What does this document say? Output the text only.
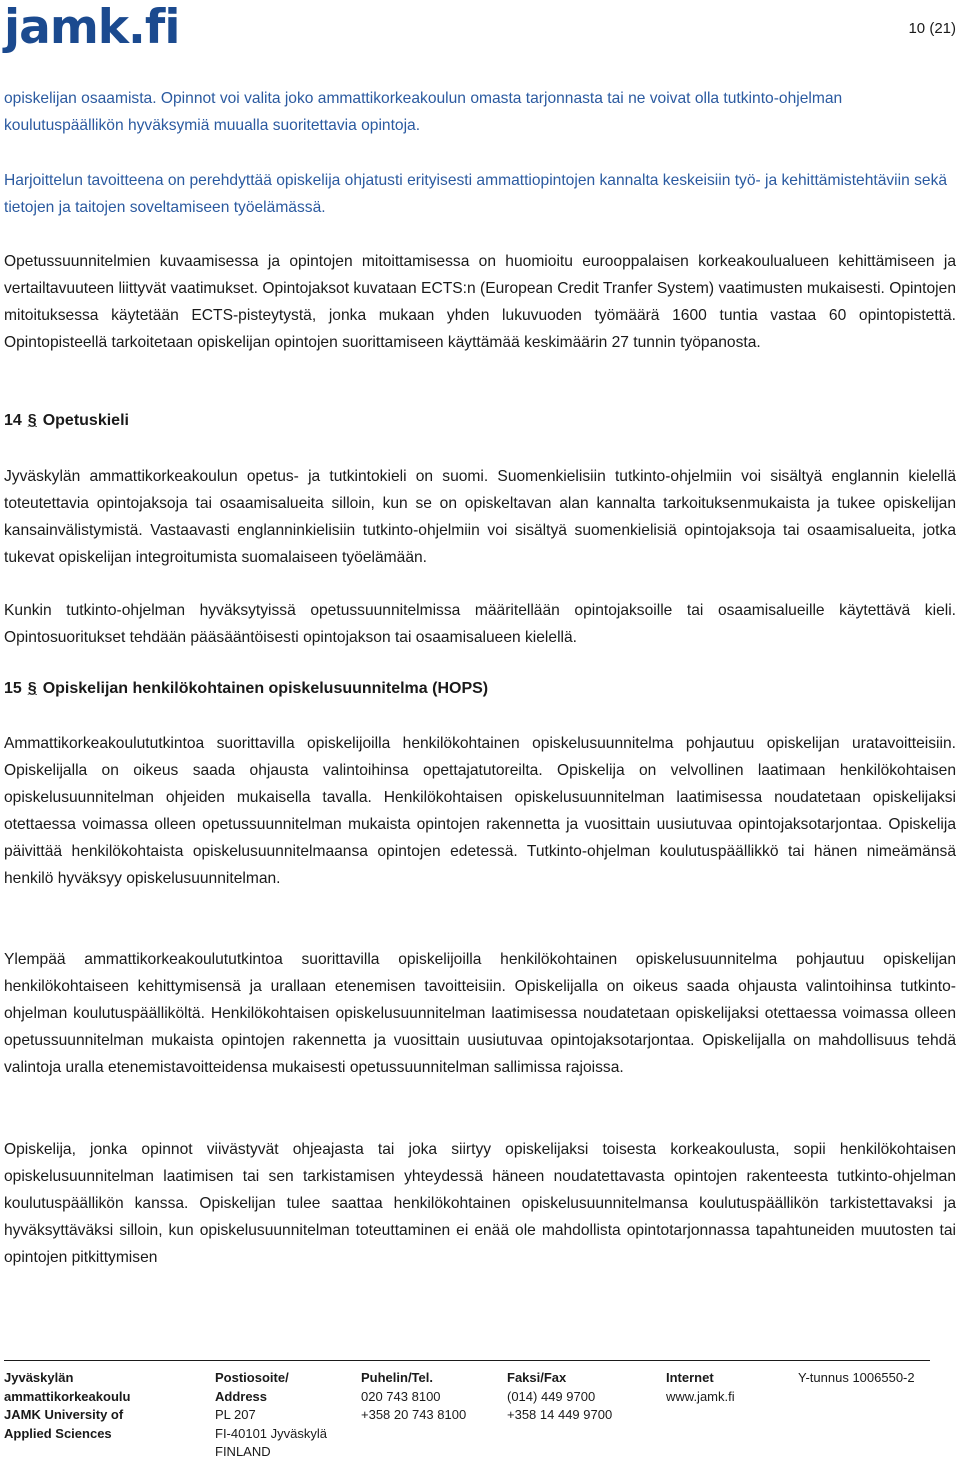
jamk.fi	10 (21)

opiskelijan osaamista. Opinnot voi valita joko ammattikorkeakoulun omasta tarjonnasta tai ne voivat olla tutkinto-ohjelman koulutuspäällikön hyväksymiä muualla suoritettavia opintoja.

Harjoittelun tavoitteena on perehdyttää opiskelija ohjatusti erityisesti ammattiopintojen kannalta keskeisiin työ- ja kehittämistehtäviin sekä tietojen ja taitojen soveltamiseen työelämässä.

Opetussuunnitelmien kuvaamisessa ja opintojen mitoittamisessa on huomioitu eurooppalaisen korkeakoulualueen kehittämiseen ja vertailtavuuteen liittyvät vaatimukset. Opintojaksot kuvataan ECTS:n (European Credit Tranfer System) vaatimusten mukaisesti. Opintojen mitoituksessa käytetään ECTS-pisteytystä, jonka mukaan yhden lukuvuoden työmäärä 1600 tuntia vastaa 60 opintopistettä. Opintopisteellä tarkoitetaan opiskelijan opintojen suorittamiseen käyttämää keskimäärin 27 tunnin työpanosta.

14 § Opetuskieli

Jyväskylän ammattikorkeakoulun opetus- ja tutkintokieli on suomi. Suomenkielisiin tutkinto-ohjelmiin voi sisältyä englannin kielellä toteutettavia opintojaksoja tai osaamisalueita silloin, kun se on opiskeltavan alan kannalta tarkoituksenmukaista ja tukee opiskelijan kansainvälistymistä. Vastaavasti englanninkielisiin tutkinto-ohjelmiin voi sisältyä suomenkielisiä opintojaksoja tai osaamisalueita, jotka tukevat opiskelijan integroitumista suomalaiseen työelämään.

Kunkin tutkinto-ohjelman hyväksytyissä opetussuunnitelmissa määritellään opintojaksoille tai osaamisalueille käytettävä kieli. Opintosuoritukset tehdään pääsääntöisesti opintojakson tai osaamisalueen kielellä.

15 § Opiskelijan henkilökohtainen opiskelusuunnitelma (HOPS)

Ammattikorkeakoulututkintoa suorittavilla opiskelijoilla henkilökohtainen opiskelusuunnitelma pohjautuu opiskelijan uratavoitteisiin. Opiskelijalla on oikeus saada ohjausta valintoihinsa opettajatutoreilta. Opiskelija on velvollinen laatimaan henkilökohtaisen opiskelusuunnitelman ohjeiden mukaisella tavalla. Henkilökohtaisen opiskelusuunnitelman laatimisessa noudatetaan opiskelijaksi otettaessa voimassa olleen opetussuunnitelman mukaista opintojen rakennetta ja vuosittain uusiutuvaa opintojaksotarjontaa. Opiskelija päivittää henkilökohtaista opiskelusuunnitelmaansa opintojen edetessä. Tutkinto-ohjelman koulutuspäällikkö tai hänen nimeämänsä henkilö hyväksyy opiskelusuunnitelman.

Ylempää ammattikorkeakoulututkintoa suorittavilla opiskelijoilla henkilökohtainen opiskelusuunnitelma pohjautuu opiskelijan henkilökohtaiseen kehittymisensä ja urallaan etenemisen tavoitteisiin. Opiskelijalla on oikeus saada ohjausta valintoihinsa tutkinto-ohjelman koulutuspäälliköltä. Henkilökohtaisen opiskelusuunnitelman laatimisessa noudatetaan opiskelijaksi otettaessa voimassa olleen opetussuunnitelman mukaista opintojen rakennetta ja vuosittain uusiutuvaa opintojaksotarjontaa. Opiskelijalla on mahdollisuus tehdä valintoja uralla etenemistavoitteidensa mukaisesti opetussuunnitelman sallimissa rajoissa.

Opiskelija, jonka opinnot viivästyvät ohjeajasta tai joka siirtyy opiskelijaksi toisesta korkeakoulusta, sopii henkilökohtaisen opiskelusuunnitelman laatimisen tai sen tarkistamisen yhteydessä häneen noudatettavasta opintojen rakenteesta tutkinto-ohjelman koulutuspäällikön kanssa. Opiskelijan tulee saattaa henkilökohtainen opiskelusuunnitelmansa koulutuspäällikön tarkistettavaksi ja hyväksyttäväksi silloin, kun opiskelusuunnitelman toteuttaminen ei enää ole mahdollista opintotarjonnassa tapahtuneiden muutosten tai opintojen pitkittymisen

Jyväskylän
ammattikorkeakoulu
JAMK University of
Applied Sciences
Postiosoite/
Address
PL 207
FI-40101 Jyväskylä
FINLAND
Puhelin/Tel.
020 743 8100
+358 20 743 8100
Faksi/Fax
(014) 449 9700
+358 14 449 9700
Internet
www.jamk.fi
Y-tunnus 1006550-2
